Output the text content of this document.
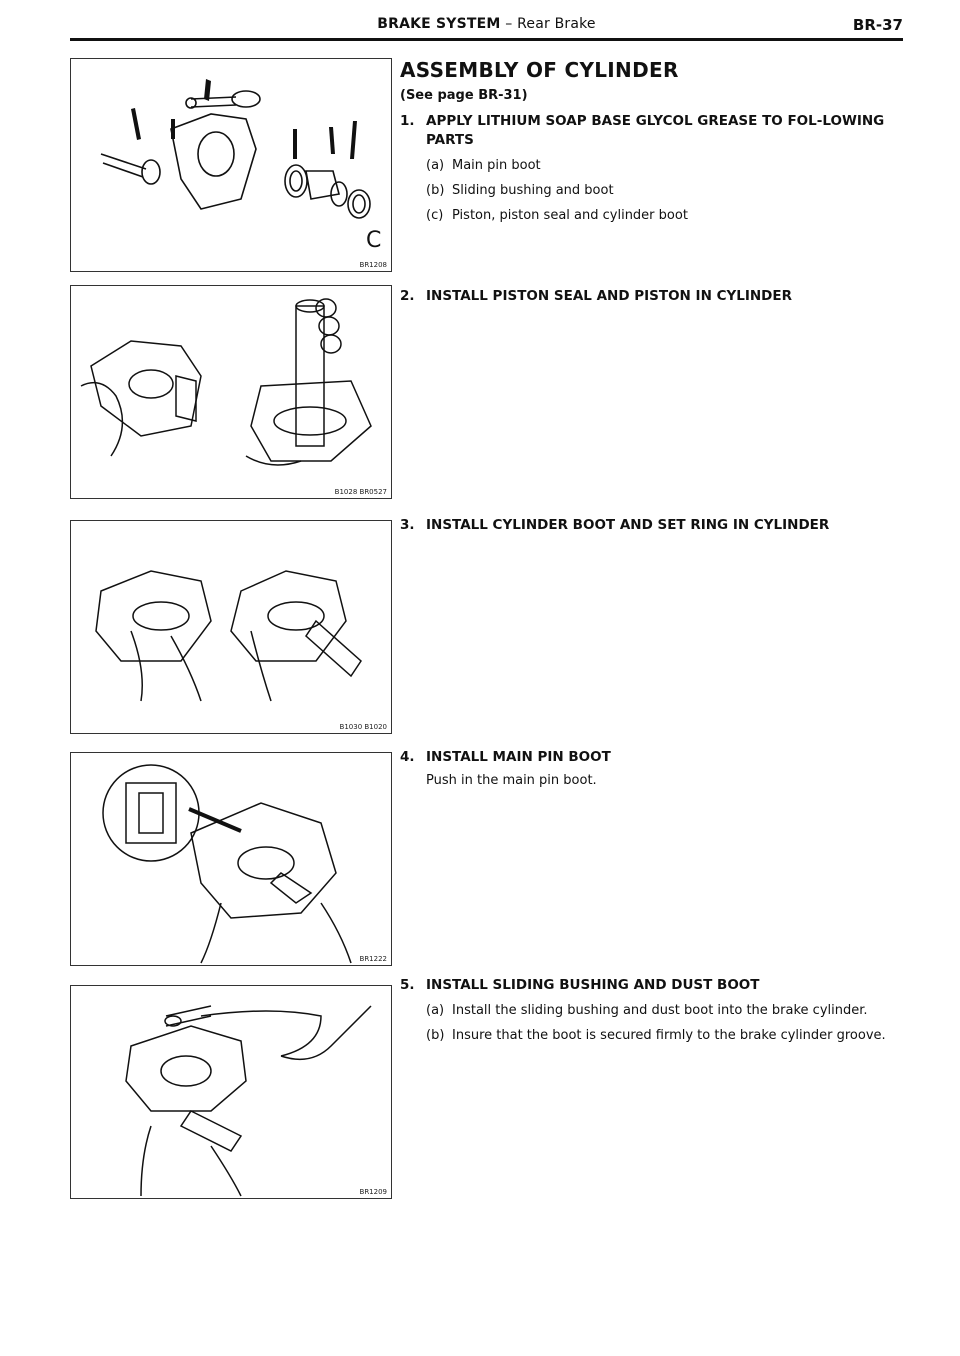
BRAKE SYSTEM – Rear Brake	BR-37
C
BR1208
B1028 BR0527
B1030 B1020
BR1222
BR1209
ASSEMBLY OF CYLINDER
(See page BR-31)
1. APPLY LITHIUM SOAP BASE GLYCOL GREASE TO FOL-LOWING PARTS
(a) Main pin boot
(b) Sliding bushing and boot
(c) Piston, piston seal and cylinder boot
2. INSTALL PISTON SEAL AND PISTON IN CYLINDER
3. INSTALL CYLINDER BOOT AND SET RING IN CYLINDER
4. INSTALL MAIN PIN BOOT
Push in the main pin boot.
5. INSTALL SLIDING BUSHING AND DUST BOOT
(a) Install the sliding bushing and dust boot into the brake cylinder.
(b) Insure that the boot is secured firmly to the brake cylinder groove.
